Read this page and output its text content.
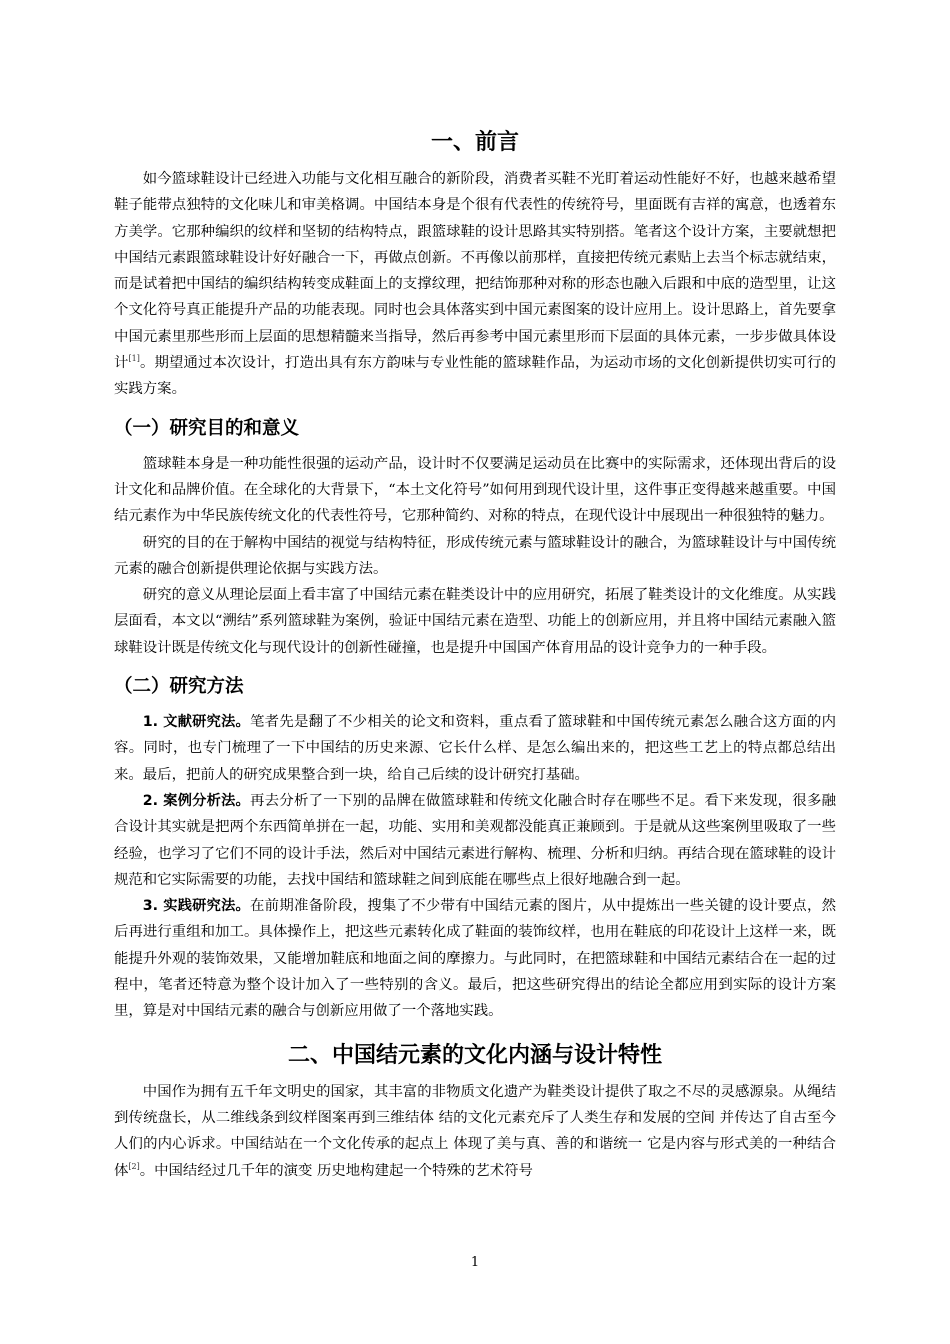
一、前言

如今篮球鞋设计已经进入功能与文化相互融合的新阶段，消费者买鞋不光盯着运动性能好不好，也越来越希望鞋子能带点独特的文化味儿和审美格调。中国结本身是个很有代表性的传统符号，里面既有吉祥的寓意，也透着东方美学。它那种编织的纹样和坚韧的结构特点，跟篮球鞋的设计思路其实特别搭。笔者这个设计方案，主要就想把中国结元素跟篮球鞋设计好好融合一下，再做点创新。不再像以前那样，直接把传统元素贴上去当个标志就结束，而是试着把中国结的编织结构转变成鞋面上的支撑纹理，把结饰那种对称的形态也融入后跟和中底的造型里，让这个文化符号真正能提升产品的功能表现。同时也会具体落实到中国元素图案的设计应用上。设计思路上，首先要拿中国元素里那些形而上层面的思想精髓来当指导，然后再参考中国元素里形而下层面的具体元素，一步步做具体设计[1]。期望通过本次设计，打造出具有东方韵味与专业性能的篮球鞋作品，为运动市场的文化创新提供切实可行的实践方案。

（一）研究目的和意义

篮球鞋本身是一种功能性很强的运动产品，设计时不仅要满足运动员在比赛中的实际需求，还体现出背后的设计文化和品牌价值。在全球化的大背景下，“本土文化符号”如何用到现代设计里，这件事正变得越来越重要。中国结元素作为中华民族传统文化的代表性符号，它那种简约、对称的特点，在现代设计中展现出一种很独特的魅力。

研究的目的在于解构中国结的视觉与结构特征，形成传统元素与篮球鞋设计的融合，为篮球鞋设计与中国传统元素的融合创新提供理论依据与实践方法。

研究的意义从理论层面上看丰富了中国结元素在鞋类设计中的应用研究，拓展了鞋类设计的文化维度。从实践层面看，本文以“溯结”系列篮球鞋为案例，验证中国结元素在造型、功能上的创新应用，并且将中国结元素融入篮球鞋设计既是传统文化与现代设计的创新性碰撞，也是提升中国国产体育用品的设计竞争力的一种手段。

（二）研究方法

1. 文献研究法。笔者先是翻了不少相关的论文和资料，重点看了篮球鞋和中国传统元素怎么融合这方面的内容。同时，也专门梳理了一下中国结的历史来源、它长什么样、是怎么编出来的，把这些工艺上的特点都总结出来。最后，把前人的研究成果整合到一块，给自己后续的设计研究打基础。

2. 案例分析法。再去分析了一下别的品牌在做篮球鞋和传统文化融合时存在哪些不足。看下来发现，很多融合设计其实就是把两个东西简单拼在一起，功能、实用和美观都没能真正兼顾到。于是就从这些案例里吸取了一些经验，也学习了它们不同的设计手法，然后对中国结元素进行解构、梳理、分析和归纳。再结合现在篮球鞋的设计规范和它实际需要的功能，去找中国结和篮球鞋之间到底能在哪些点上很好地融合到一起。

3. 实践研究法。在前期准备阶段，搜集了不少带有中国结元素的图片，从中提炼出一些关键的设计要点，然后再进行重组和加工。具体操作上，把这些元素转化成了鞋面的装饰纹样，也用在鞋底的印花设计上这样一来，既能提升外观的装饰效果，又能增加鞋底和地面之间的摩擦力。与此同时，在把篮球鞋和中国结元素结合在一起的过程中，笔者还特意为整个设计加入了一些特别的含义。最后，把这些研究得出的结论全都应用到实际的设计方案里，算是对中国结元素的融合与创新应用做了一个落地实践。

二、中国结元素的文化内涵与设计特性

中国作为拥有五千年文明史的国家，其丰富的非物质文化遗产为鞋类设计提供了取之不尽的灵感源泉。从绳结到传统盘长，从二维线条到纹样图案再到三维结体 结的文化元素充斥了人类生存和发展的空间 并传达了自古至今人们的内心诉求。中国结站在一个文化传承的起点上 体现了美与真、善的和谐统一 它是内容与形式美的一种结合体[2]。中国结经过几千年的演变 历史地构建起一个特殊的艺术符号

1
